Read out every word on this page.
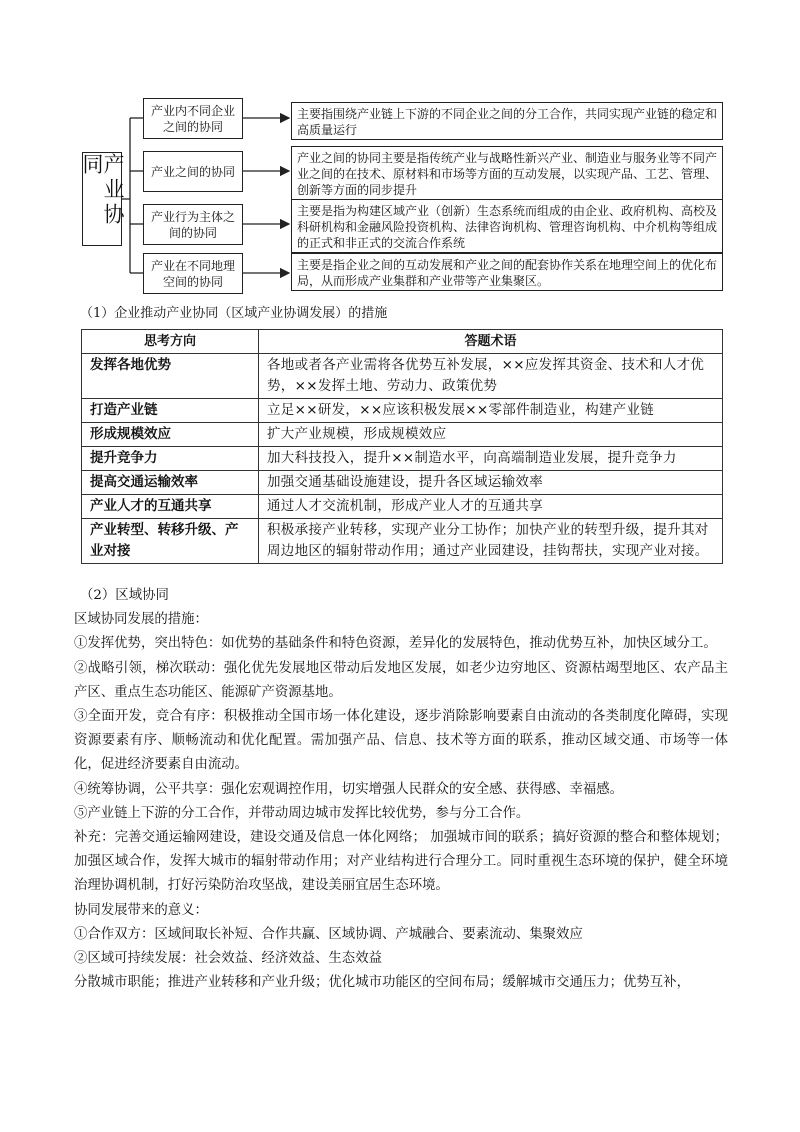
产业协同
产业内不同企业之间的协同
产业之间的协同
产业行为主体之间的协同
产业在不同地理空间的协同
主要指围绕产业链上下游的不同企业之间的分工合作，共同实现产业链的稳定和高质量运行
产业之间的协同主要是指传统产业与战略性新兴产业、制造业与服务业等不同产业之间的在技术、原材料和市场等方面的互动发展，以实现产品、工艺、管理、创新等方面的同步提升
主要是指为构建区域产业（创新）生态系统而组成的由企业、政府机构、高校及科研机构和金融风险投资机构、法律咨询机构、管理咨询机构、中介机构等组成的正式和非正式的交流合作系统
主要是指企业之间的互动发展和产业之间的配套协作关系在地理空间上的优化布局，从而形成产业集群和产业带等产业集聚区。
（1）企业推动产业协同（区域产业协调发展）的措施
思考方向	答题术语
发挥各地优势	各地或者各产业需将各优势互补发展，××应发挥其资金、技术和人才优势，××发挥土地、劳动力、政策优势
打造产业链	立足××研发，××应该积极发展××零部件制造业，构建产业链
形成规模效应	扩大产业规模，形成规模效应
提升竞争力	加大科技投入，提升××制造水平，向高端制造业发展，提升竞争力
提高交通运输效率	加强交通基础设施建设，提升各区域运输效率
产业人才的互通共享	通过人才交流机制，形成产业人才的互通共享
产业转型、转移升级、产业对接	积极承接产业转移，实现产业分工协作；加快产业的转型升级，提升其对周边地区的辐射带动作用；通过产业园建设，挂钩帮扶，实现产业对接。

（2）区域协同

区域协同发展的措施：

①发挥优势，突出特色：如优势的基础条件和特色资源，差异化的发展特色，推动优势互补，加快区域分工。

②战略引领，梯次联动：强化优先发展地区带动后发地区发展，如老少边穷地区、资源枯竭型地区、农产品主产区、重点生态功能区、能源矿产资源基地。

③全面开发，竞合有序：积极推动全国市场一体化建设，逐步消除影响要素自由流动的各类制度化障碍，实现资源要素有序、顺畅流动和优化配置。需加强产品、信息、技术等方面的联系，推动区域交通、市场等一体化，促进经济要素自由流动。

④统筹协调，公平共享：强化宏观调控作用，切实增强人民群众的安全感、获得感、幸福感。

⑤产业链上下游的分工合作，并带动周边城市发挥比较优势，参与分工合作。

补充：完善交通运输网建设，建设交通及信息一体化网络； 加强城市间的联系；搞好资源的整合和整体规划；加强区域合作，发挥大城市的辐射带动作用；对产业结构进行合理分工。同时重视生态环境的保护，健全环境治理协调机制，打好污染防治攻坚战，建设美丽宜居生态环境。

协同发展带来的意义：

①合作双方：区域间取长补短、合作共赢、区域协调、产城融合、要素流动、集聚效应

②区域可持续发展：社会效益、经济效益、生态效益

分散城市职能；推进产业转移和产业升级；优化城市功能区的空间布局；缓解城市交通压力；优势互补，
